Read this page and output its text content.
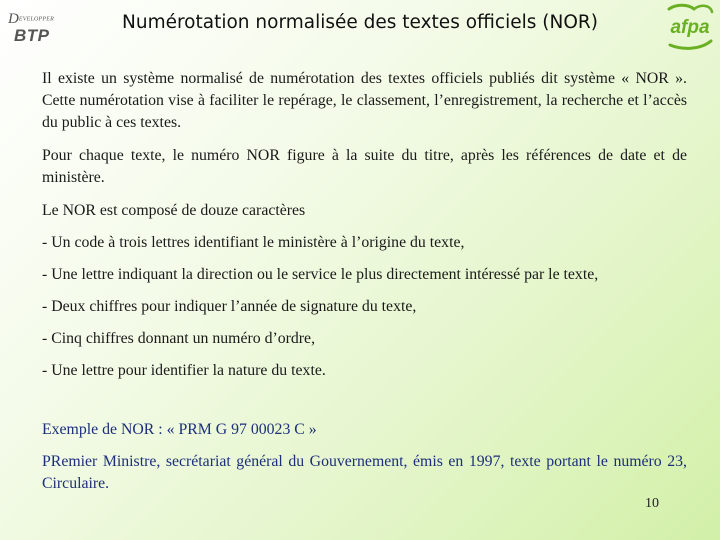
DEVELOPPER
BTP
Numérotation normalisée des textes officiels (NOR)	afpa

Il existe un système normalisé de numérotation des textes officiels publiés dit système « NOR ». Cette numérotation vise à faciliter le repérage, le classement, l’enregistrement, la recherche et l’accès du public à ces textes.

Pour chaque texte, le numéro NOR figure à la suite du titre, après les références de date et de ministère.

Le NOR est composé de douze caractères

- Un code à trois lettres identifiant le ministère à l’origine du texte,

- Une lettre indiquant la direction ou le service le plus directement intéressé par le texte,

- Deux chiffres pour indiquer l’année de signature du texte,

- Cinq chiffres donnant un numéro d’ordre,

- Une lettre pour identifier la nature du texte.

Exemple de NOR : « PRM G 97 00023 C »

PRemier Ministre, secrétariat général du Gouvernement, émis en 1997, texte portant le numéro 23, Circulaire.

10
